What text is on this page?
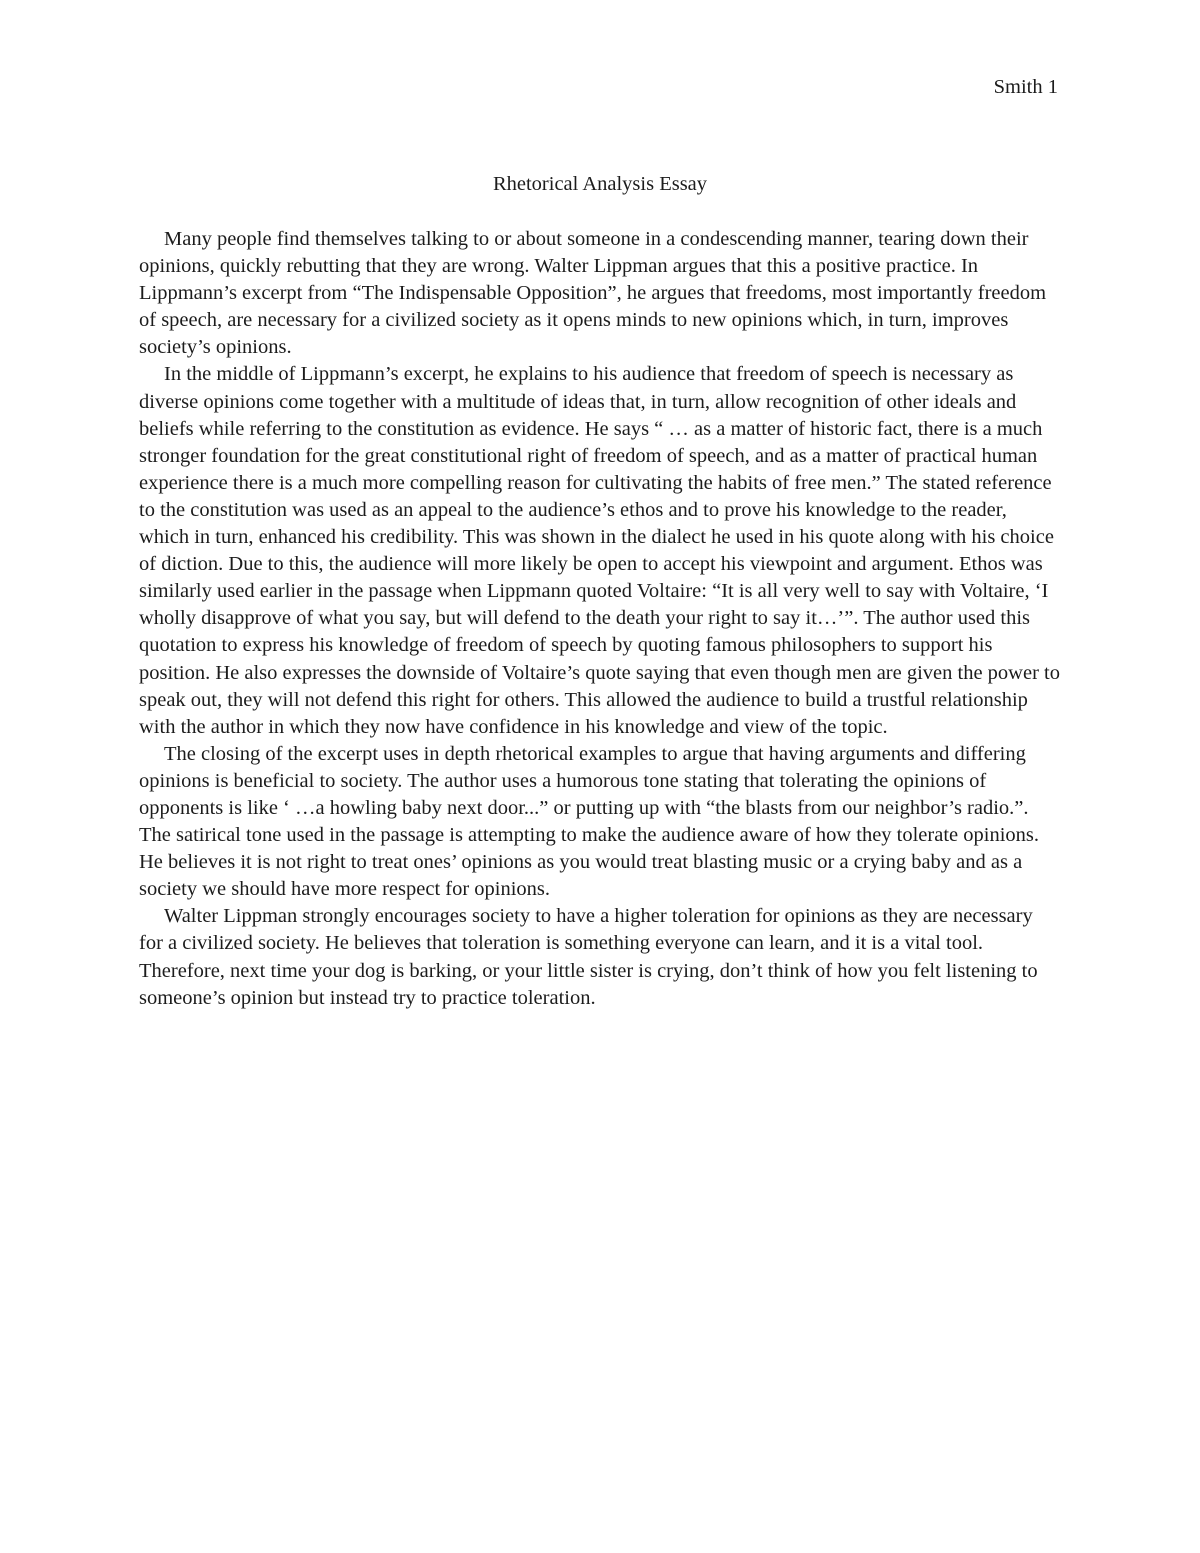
Smith 1
Rhetorical Analysis Essay

Many people find themselves talking to or about someone in a condescending manner, tearing down their opinions, quickly rebutting that they are wrong. Walter Lippman argues that this a positive practice. In Lippmann’s excerpt from “The Indispensable Opposition”, he argues that freedoms, most importantly freedom of speech, are necessary for a civilized society as it opens minds to new opinions which, in turn, improves society’s opinions.

In the middle of Lippmann’s excerpt, he explains to his audience that freedom of speech is necessary as diverse opinions come together with a multitude of ideas that, in turn, allow recognition of other ideals and beliefs while referring to the constitution as evidence. He says “ … as a matter of historic fact, there is a much stronger foundation for the great constitutional right of freedom of speech, and as a matter of practical human experience there is a much more compelling reason for cultivating the habits of free men.” The stated reference to the constitution was used as an appeal to the audience’s ethos and to prove his knowledge to the reader, which in turn, enhanced his credibility. This was shown in the dialect he used in his quote along with his choice of diction. Due to this, the audience will more likely be open to accept his viewpoint and argument. Ethos was similarly used earlier in the passage when Lippmann quoted Voltaire: “It is all very well to say with Voltaire, ‘I wholly disapprove of what you say, but will defend to the death your right to say it…’”. The author used this quotation to express his knowledge of freedom of speech by quoting famous philosophers to support his position. He also expresses the downside of Voltaire’s quote saying that even though men are given the power to speak out, they will not defend this right for others. This allowed the audience to build a trustful relationship with the author in which they now have confidence in his knowledge and view of the topic.

The closing of the excerpt uses in depth rhetorical examples to argue that having arguments and differing opinions is beneficial to society. The author uses a humorous tone stating that tolerating the opinions of opponents is like ‘ …a howling baby next door...” or putting up with “the blasts from our neighbor’s radio.”. The satirical tone used in the passage is attempting to make the audience aware of how they tolerate opinions. He believes it is not right to treat ones’ opinions as you would treat blasting music or a crying baby and as a society we should have more respect for opinions.

Walter Lippman strongly encourages society to have a higher toleration for opinions as they are necessary for a civilized society. He believes that toleration is something everyone can learn, and it is a vital tool. Therefore, next time your dog is barking, or your little sister is crying, don’t think of how you felt listening to someone’s opinion but instead try to practice toleration.
